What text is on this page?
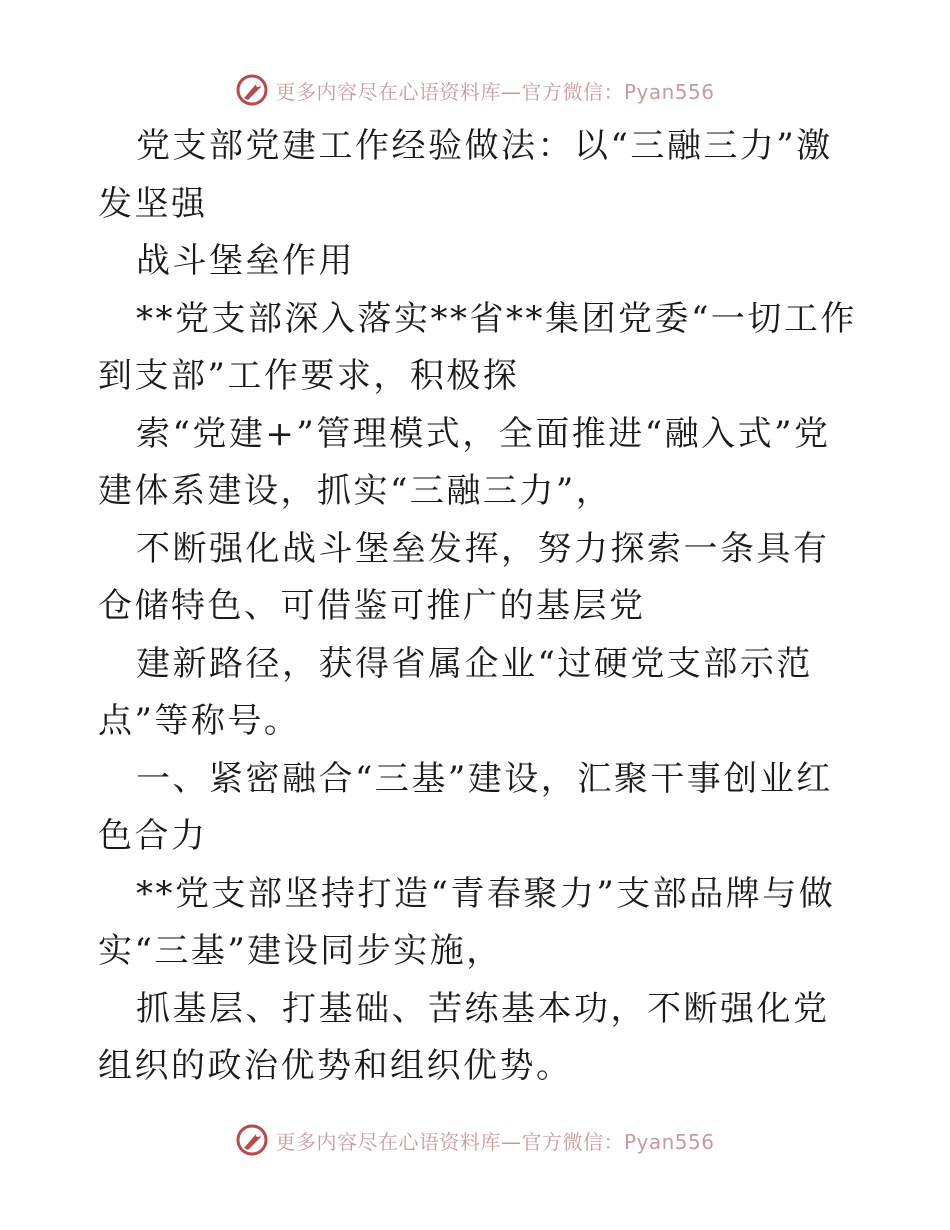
更多内容尽在心语资料库—官方微信：Pyan556

党支部党建工作经验做法：以“三融三力”激发坚强

战斗堡垒作用

**党支部深入落实**省**集团党委“一切工作到支部”工作要求，积极探

索“党建+”管理模式，全面推进“融入式”党建体系建设，抓实“三融三力”，

不断强化战斗堡垒发挥，努力探索一条具有仓储特色、可借鉴可推广的基层党

建新路径，获得省属企业“过硬党支部示范点”等称号。

一、紧密融合“三基”建设，汇聚干事创业红色合力

**党支部坚持打造“青春聚力”支部品牌与做实“三基”建设同步实施，

抓基层、打基础、苦练基本功，不断强化党组织的政治优势和组织优势。

更多内容尽在心语资料库—官方微信：Pyan556
